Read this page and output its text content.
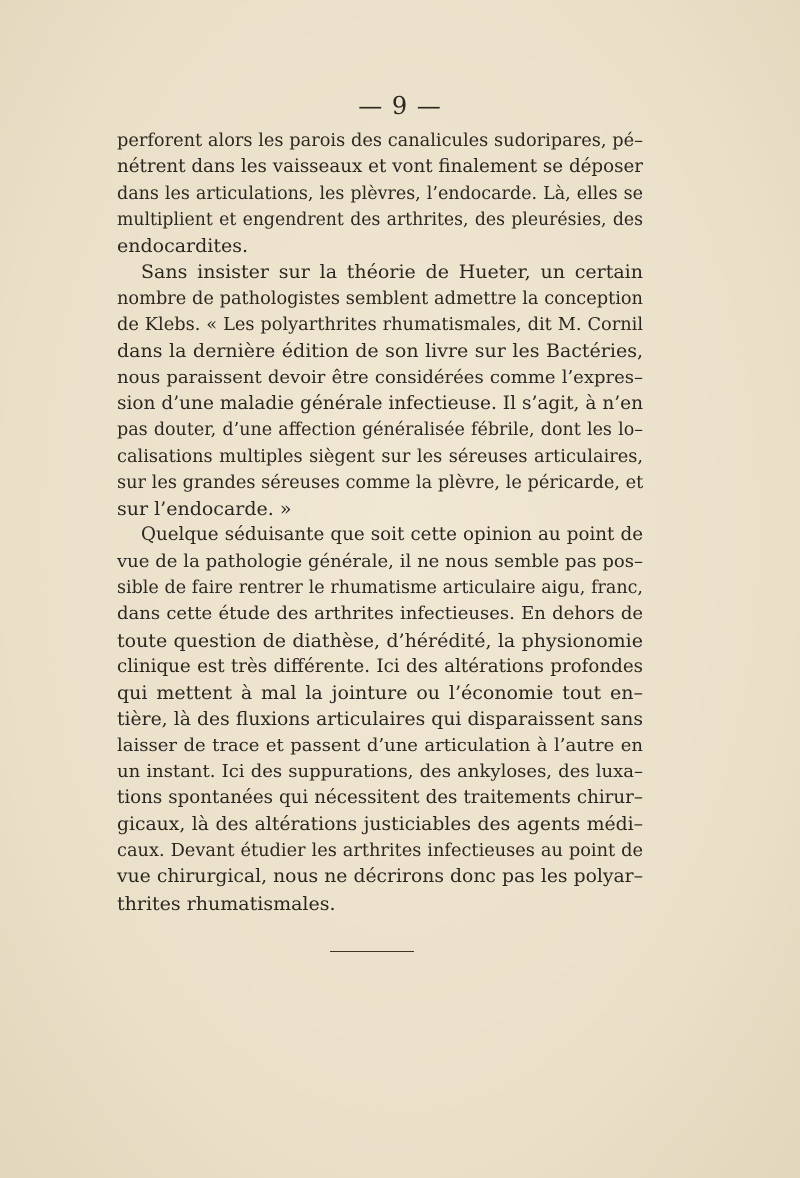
— 9 —

perforent alors les parois des canalicules sudoripares, pé–
nétrent dans les vaisseaux et vont finalement se déposer
dans les articulations, les plèvres, l’endocarde. Là, elles se
multiplient et engendrent des arthrites, des pleurésies, des
endocardites.

Sans insister sur la théorie de Hueter, un certain
nombre de pathologistes semblent admettre la conception
de Klebs. « Les polyarthrites rhumatismales, dit M. Cornil
dans la dernière édition de son livre sur les Bactéries,
nous paraissent devoir être considérées comme l’expres–
sion d’une maladie générale infectieuse. Il s’agit, à n’en
pas douter, d’une affection généralisée fébrile, dont les lo–
calisations multiples siègent sur les séreuses articulaires,
sur les grandes séreuses comme la plèvre, le péricarde, et
sur l’endocarde. »

Quelque séduisante que soit cette opinion au point de
vue de la pathologie générale, il ne nous semble pas pos–
sible de faire rentrer le rhumatisme articulaire aigu, franc,
dans cette étude des arthrites infectieuses. En dehors de
toute question de diathèse, d’hérédité, la physionomie
clinique est très différente. Ici des altérations profondes
qui mettent à mal la jointure ou l’économie tout en–
tière, là des fluxions articulaires qui disparaissent sans
laisser de trace et passent d’une articulation à l’autre en
un instant. Ici des suppurations, des ankyloses, des luxa–
tions spontanées qui nécessitent des traitements chirur–
gicaux, là des altérations justiciables des agents médi–
caux. Devant étudier les arthrites infectieuses au point de
vue chirurgical, nous ne décrirons donc pas les polyar–
thrites rhumatismales.
